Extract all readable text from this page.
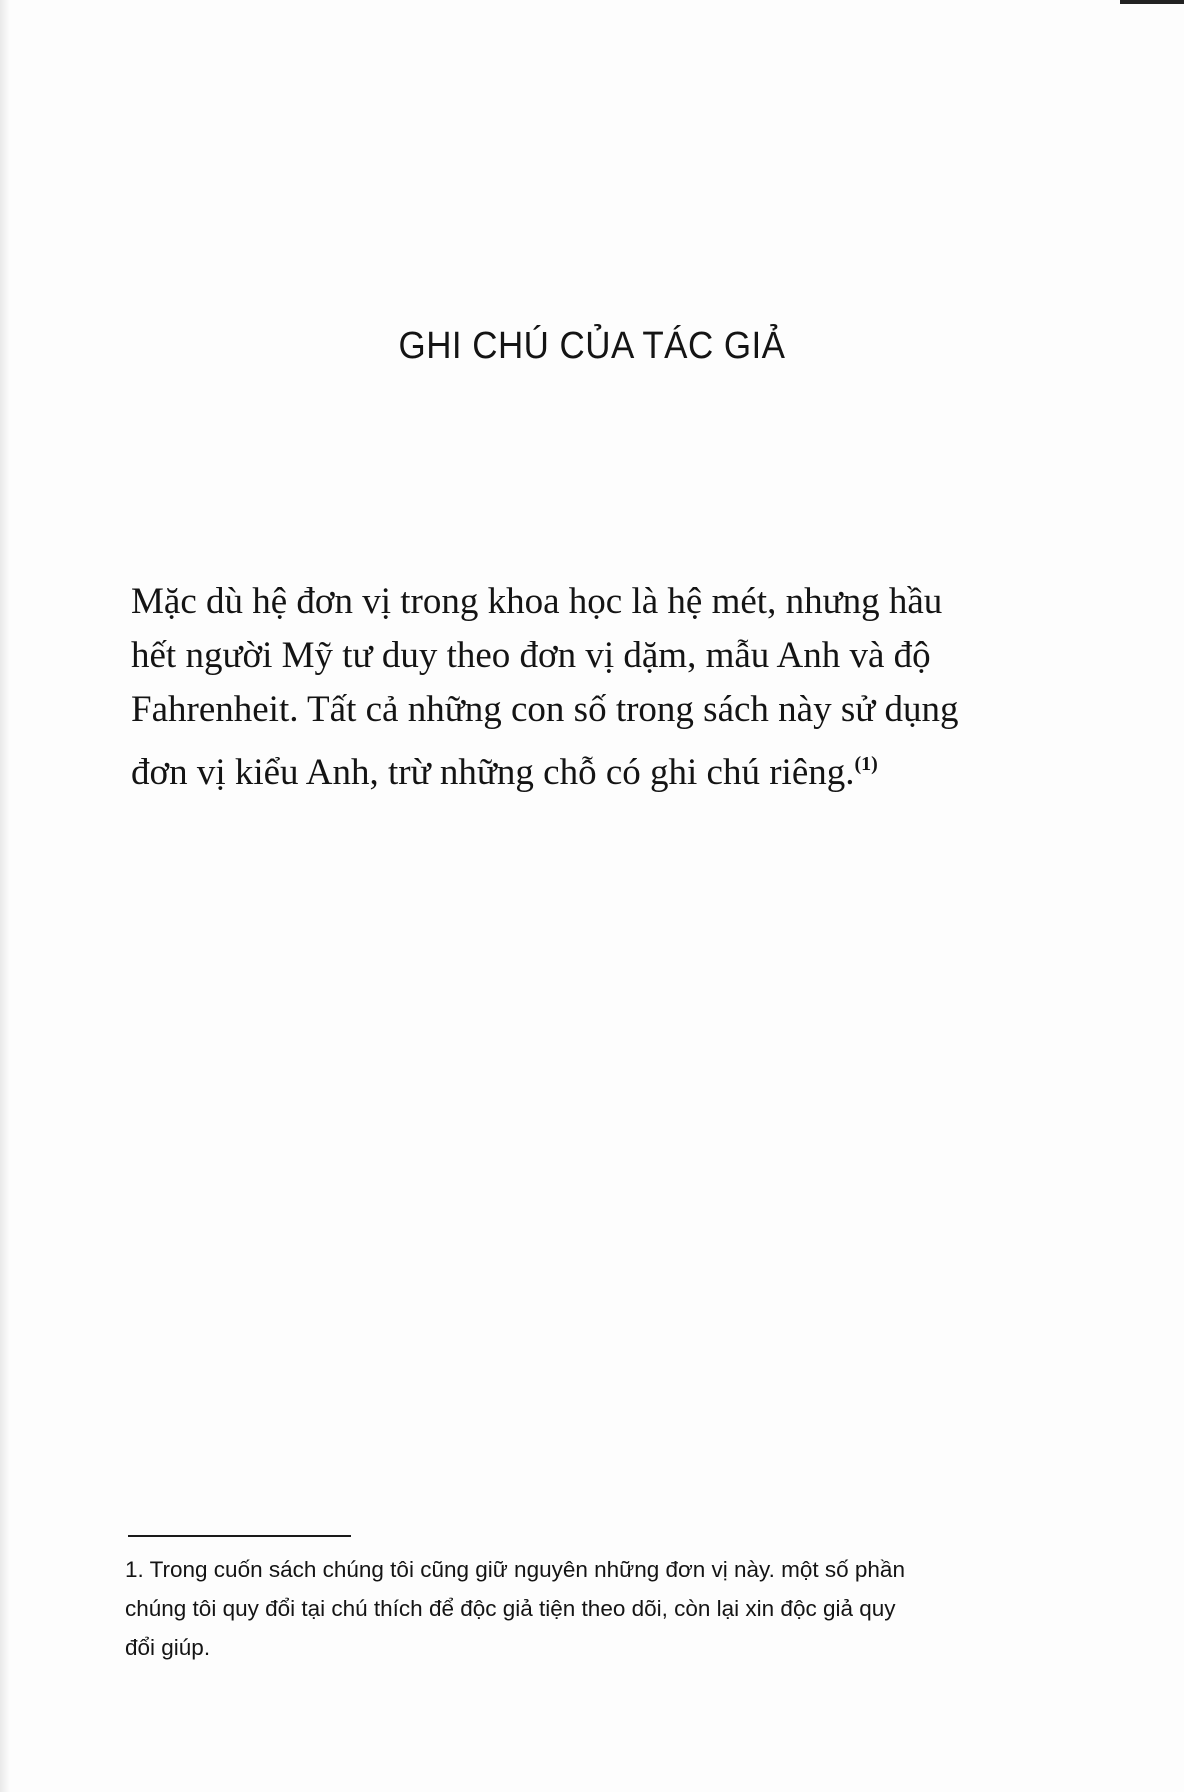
GHI CHÚ CỦA TÁC GIẢ

Mặc dù hệ đơn vị trong khoa học là hệ mét, nhưng hầu
hết người Mỹ tư duy theo đơn vị dặm, mẫu Anh và độ
Fahrenheit. Tất cả những con số trong sách này sử dụng
đơn vị kiểu Anh, trừ những chỗ có ghi chú riêng.$^{(1)}$

1. Trong cuốn sách chúng tôi cũng giữ nguyên những đơn vị này. một số phần
chúng tôi quy đổi tại chú thích để độc giả tiện theo dõi, còn lại xin độc giả quy
đổi giúp.
